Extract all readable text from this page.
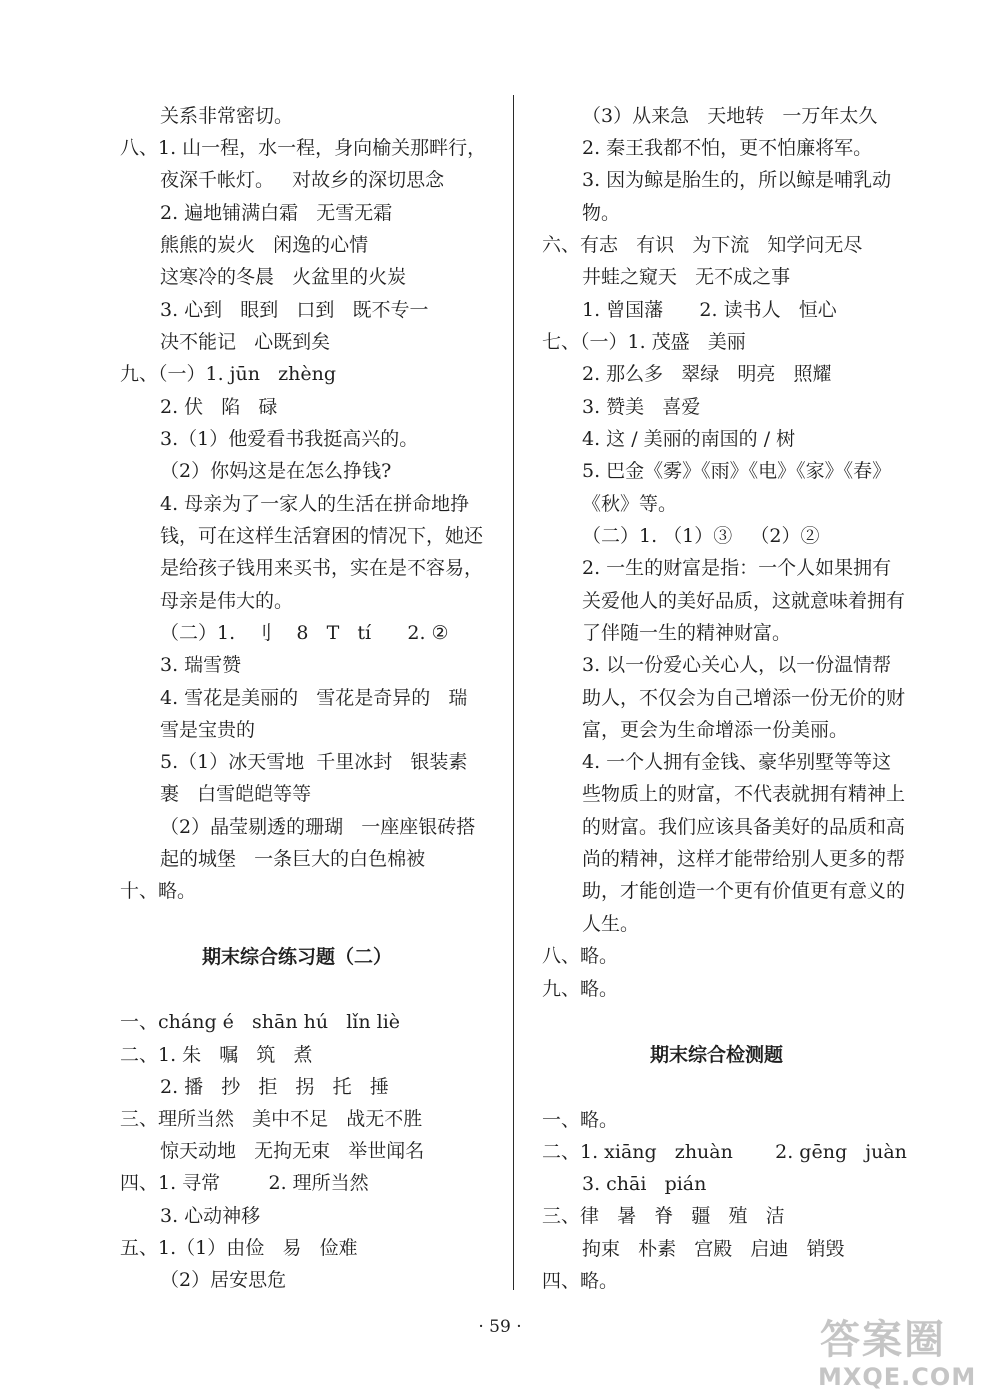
关系非常密切。
八、1. 山一程，水一程，身向榆关那畔行，
夜深千帐灯。   对故乡的深切思念
2. 遍地铺满白霜   无雪无霜
熊熊的炭火   闲逸的心情
这寒冷的冬晨   火盆里的火炭
3. 心到   眼到   口到   既不专一
决不能记   心既到矣
九、（一）1. jūn   zhèng
2. 伏   陷   碌
3.（1）他爱看书我挺高兴的。
（2）你妈这是在怎么挣钱?
4. 母亲为了一家人的生活在拼命地挣
钱，可在这样生活窘困的情况下，她还
是给孩子钱用来买书，实在是不容易，
母亲是伟大的。
（二）1.   刂    8   T   tí      2. ②
3. 瑞雪赞
4. 雪花是美丽的   雪花是奇异的   瑞
雪是宝贵的
5.（1）冰天雪地  千里冰封   银装素
裹   白雪皑皑等等
（2）晶莹剔透的珊瑚   一座座银砖搭
起的城堡   一条巨大的白色棉被
十、略。
期末综合练习题（二）
一、cháng é   shān hú   lǐn liè
二、1. 朱   嘱   筑   煮
2. 播   抄   拒   拐   托   捶
三、理所当然   美中不足   战无不胜
惊天动地   无拘无束   举世闻名
四、1. 寻常        2. 理所当然
3. 心动神移
五、1.（1）由俭   易   俭难
（2）居安思危
（3）从来急   天地转   一万年太久
2. 秦王我都不怕，更不怕廉将军。
3. 因为鲸是胎生的，所以鲸是哺乳动
物。
六、有志   有识   为下流   知学问无尽
井蛙之窥天   无不成之事
1. 曾国藩      2. 读书人   恒心
七、（一）1. 茂盛   美丽
2. 那么多   翠绿   明亮   照耀
3. 赞美   喜爱
4. 这 / 美丽的南国的 / 树
5. 巴金《雾》《雨》《电》《家》《春》
《秋》等。
（二）1. （1）③   （2）②
2. 一生的财富是指：一个人如果拥有
关爱他人的美好品质，这就意味着拥有
了伴随一生的精神财富。
3. 以一份爱心关心人，以一份温情帮
助人，不仅会为自己增添一份无价的财
富，更会为生命增添一份美丽。
4. 一个人拥有金钱、豪华别墅等等这
些物质上的财富，不代表就拥有精神上
的财富。我们应该具备美好的品质和高
尚的精神，这样才能带给别人更多的帮
助，才能创造一个更有价值更有意义的
人生。
八、略。
九、略。
期末综合检测题
一、略。
二、1. xiāng   zhuàn       2. gēng   juàn
3. chāi   pián
三、律   暑   脊   疆   殖   洁
拘束   朴素   宫殿   启迪   销毁
四、略。
· 59 ·	答案圈
MXQE.COM
